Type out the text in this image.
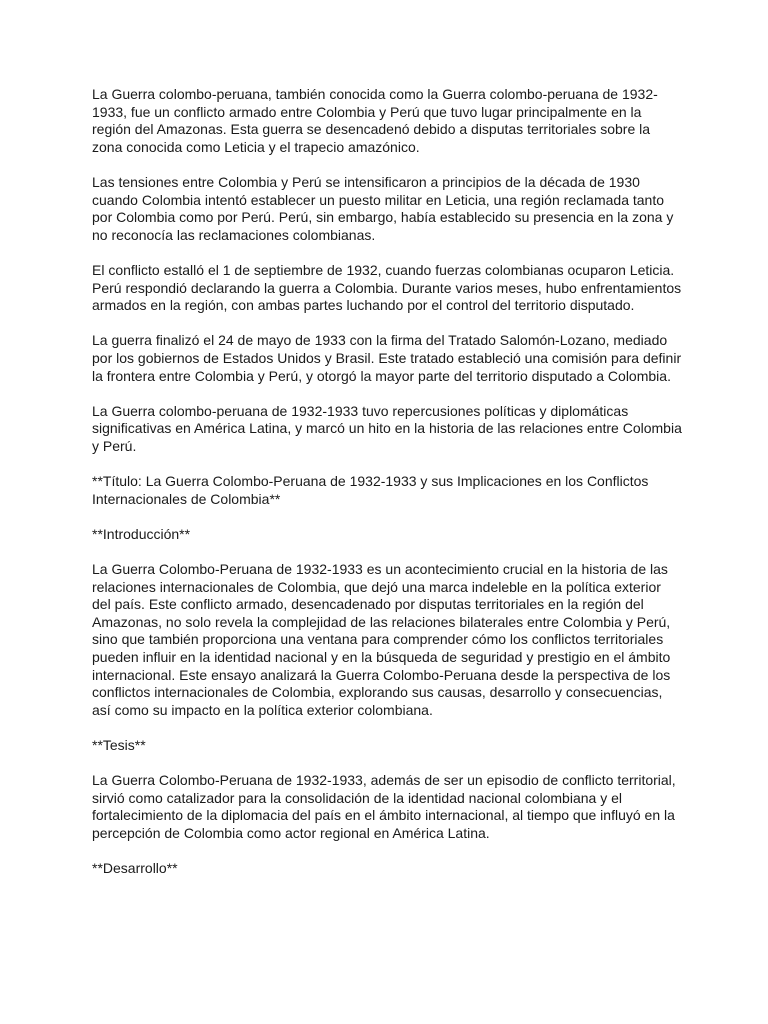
La Guerra colombo-peruana, también conocida como la Guerra colombo-peruana de 1932-1933, fue un conflicto armado entre Colombia y Perú que tuvo lugar principalmente en la región del Amazonas. Esta guerra se desencadenó debido a disputas territoriales sobre la zona conocida como Leticia y el trapecio amazónico.

Las tensiones entre Colombia y Perú se intensificaron a principios de la década de 1930 cuando Colombia intentó establecer un puesto militar en Leticia, una región reclamada tanto por Colombia como por Perú. Perú, sin embargo, había establecido su presencia en la zona y no reconocía las reclamaciones colombianas.

El conflicto estalló el 1 de septiembre de 1932, cuando fuerzas colombianas ocuparon Leticia. Perú respondió declarando la guerra a Colombia. Durante varios meses, hubo enfrentamientos armados en la región, con ambas partes luchando por el control del territorio disputado.

La guerra finalizó el 24 de mayo de 1933 con la firma del Tratado Salomón-Lozano, mediado por los gobiernos de Estados Unidos y Brasil. Este tratado estableció una comisión para definir la frontera entre Colombia y Perú, y otorgó la mayor parte del territorio disputado a Colombia.

La Guerra colombo-peruana de 1932-1933 tuvo repercusiones políticas y diplomáticas significativas en América Latina, y marcó un hito en la historia de las relaciones entre Colombia y Perú.

**Título: La Guerra Colombo-Peruana de 1932-1933 y sus Implicaciones en los Conflictos Internacionales de Colombia**

**Introducción**

La Guerra Colombo-Peruana de 1932-1933 es un acontecimiento crucial en la historia de las relaciones internacionales de Colombia, que dejó una marca indeleble en la política exterior del país. Este conflicto armado, desencadenado por disputas territoriales en la región del Amazonas, no solo revela la complejidad de las relaciones bilaterales entre Colombia y Perú, sino que también proporciona una ventana para comprender cómo los conflictos territoriales pueden influir en la identidad nacional y en la búsqueda de seguridad y prestigio en el ámbito internacional. Este ensayo analizará la Guerra Colombo-Peruana desde la perspectiva de los conflictos internacionales de Colombia, explorando sus causas, desarrollo y consecuencias, así como su impacto en la política exterior colombiana.

**Tesis**

La Guerra Colombo-Peruana de 1932-1933, además de ser un episodio de conflicto territorial, sirvió como catalizador para la consolidación de la identidad nacional colombiana y el fortalecimiento de la diplomacia del país en el ámbito internacional, al tiempo que influyó en la percepción de Colombia como actor regional en América Latina.

**Desarrollo**
